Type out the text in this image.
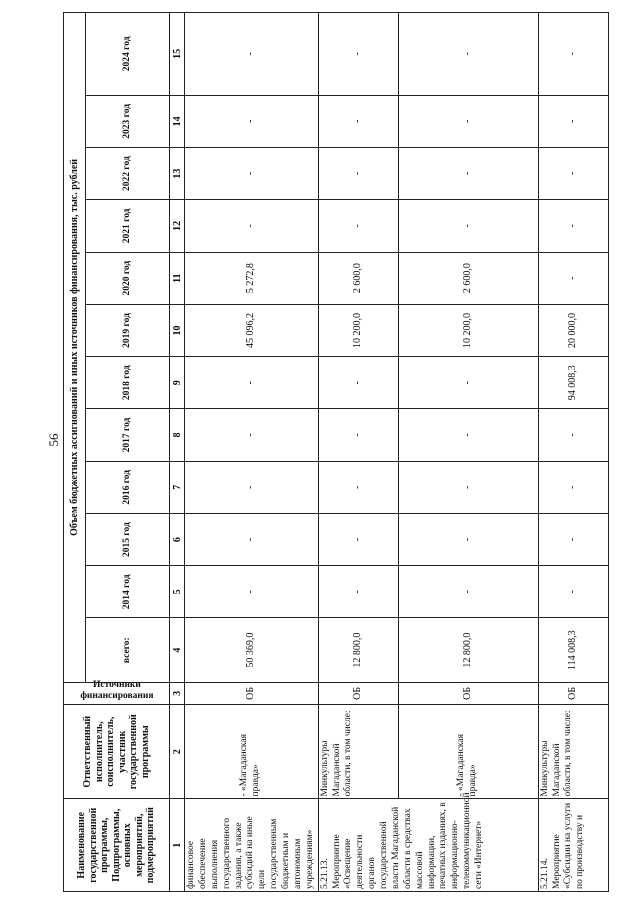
56
Наименование государственной программы, Подпрограммы, основных мероприятий, подмероприятий	Ответственный исполнитель, соисполнитель, участник государственной программы	Источники финансирования	Объем бюджетных ассигнований и иных источников финансирования, тыс. рублей											
			всего:	2014 год	2015 год	2016 год	2017 год	2018 год	2019 год	2020 год	2021 год	2022 год	2023 год	2024 год
1	2	3	4	5	6	7	8	9	10	11	12	13	14	15
финансовое обеспечение выполнения государственного задания, а также субсидий на иные цели государственным бюджетным и автономным учреждениям»	- «Магаданская правда»	ОБ	50 369,0	-	-	-	-	-	45 096,2	5 272,8	-	-	-	-
5.21.13. Мероприятие «Освещение деятельности органов государственной власти Магаданской области в средствах массовой информации, печатных изданиях, в информационно-телекоммуникационной сети «Интернет»	Минкультуры Магаданской области, в том числе:	ОБ	12 800,0	-	-	-	-	-	10 200,0	2 600,0	-	-	-	-
	- «Магаданская правда»	ОБ	12 800,0	-	-	-	-	-	10 200,0	2 600,0	-	-	-	-
5.21.14. Мероприятие «Субсидии на услуги по производству и	Минкультуры Магаданской области, в том числе:	ОБ	114 008,3	-	-	-	-	94 008,3	20 000,0	-	-	-	-	-
